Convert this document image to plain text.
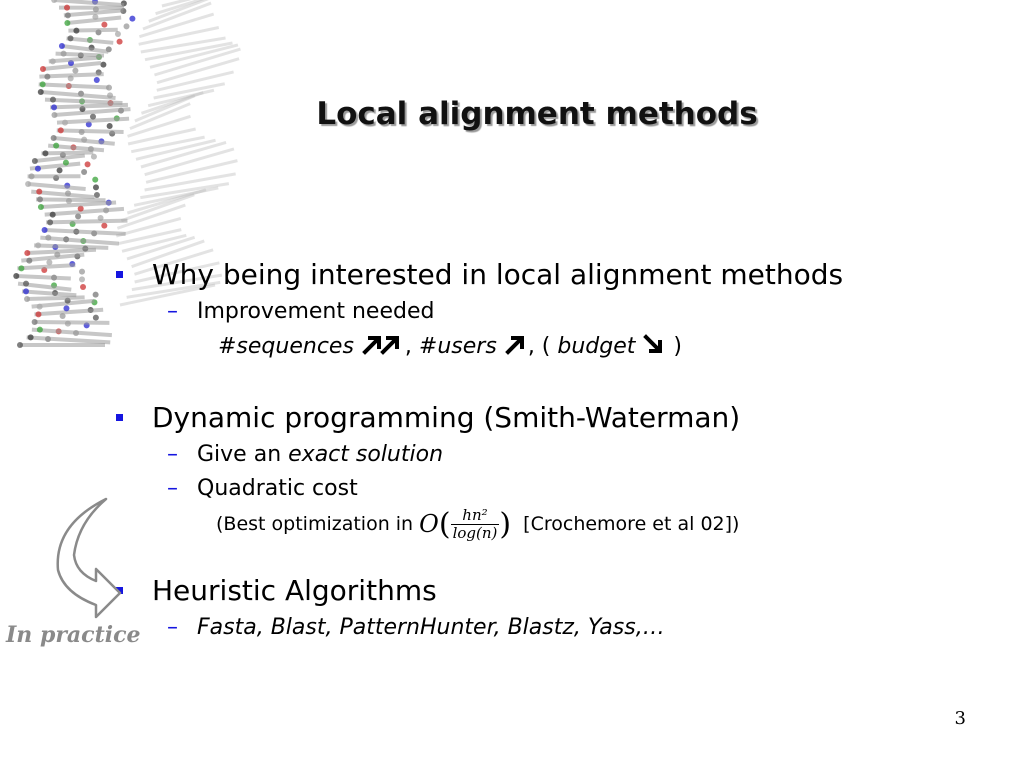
Local alignment methods
Why being interested in local alignment methods
– Improvement needed
#sequences , #users , ( budget )
Dynamic programming (Smith-Waterman)
– Give an exact solution
– Quadratic cost
(Best optimization in
O ( $\frac{\text{hn²}}{\log(n)}$ )
[Crochemore et al 02])
Heuristic Algorithms
– Fasta, Blast, PatternHunter, Blastz, Yass,…
In practice
3
